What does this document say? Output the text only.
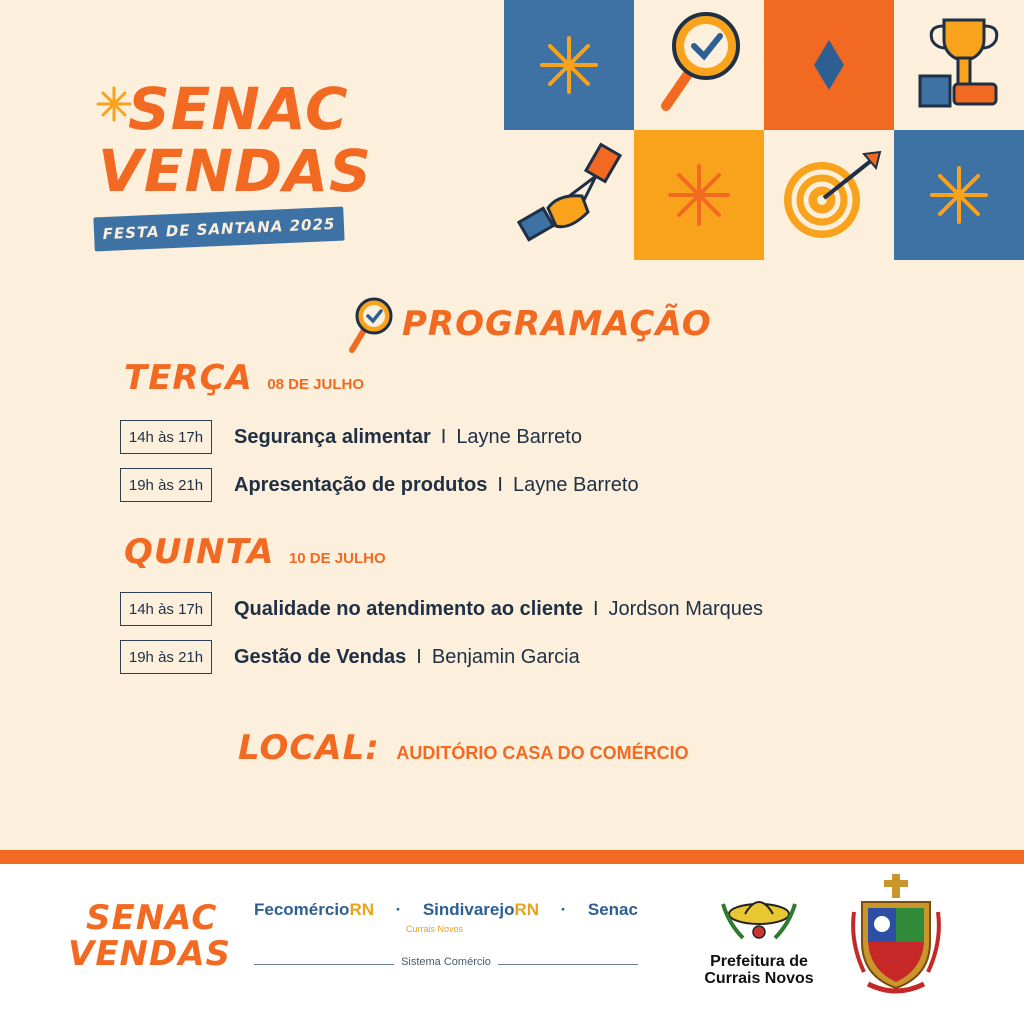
SENAC
VENDAS
FESTA DE SANTANA 2025
PROGRAMAÇÃO
TERÇA 08 DE JULHO
14h às 17h	Segurança alimentar I Layne Barreto
19h às 21h	Apresentação de produtos I Layne Barreto
QUINTA 10 DE JULHO
14h às 17h	Qualidade no atendimento ao cliente I Jordson Marques
19h às 21h	Gestão de Vendas I Benjamin Garcia
LOCAL: AUDITÓRIO CASA DO COMÉRCIO
SENAC
VENDAS
FecomércioRN · SindivarejoRN · Senac
Currais Novos
Sistema Comércio	Prefeitura de
Currais Novos
